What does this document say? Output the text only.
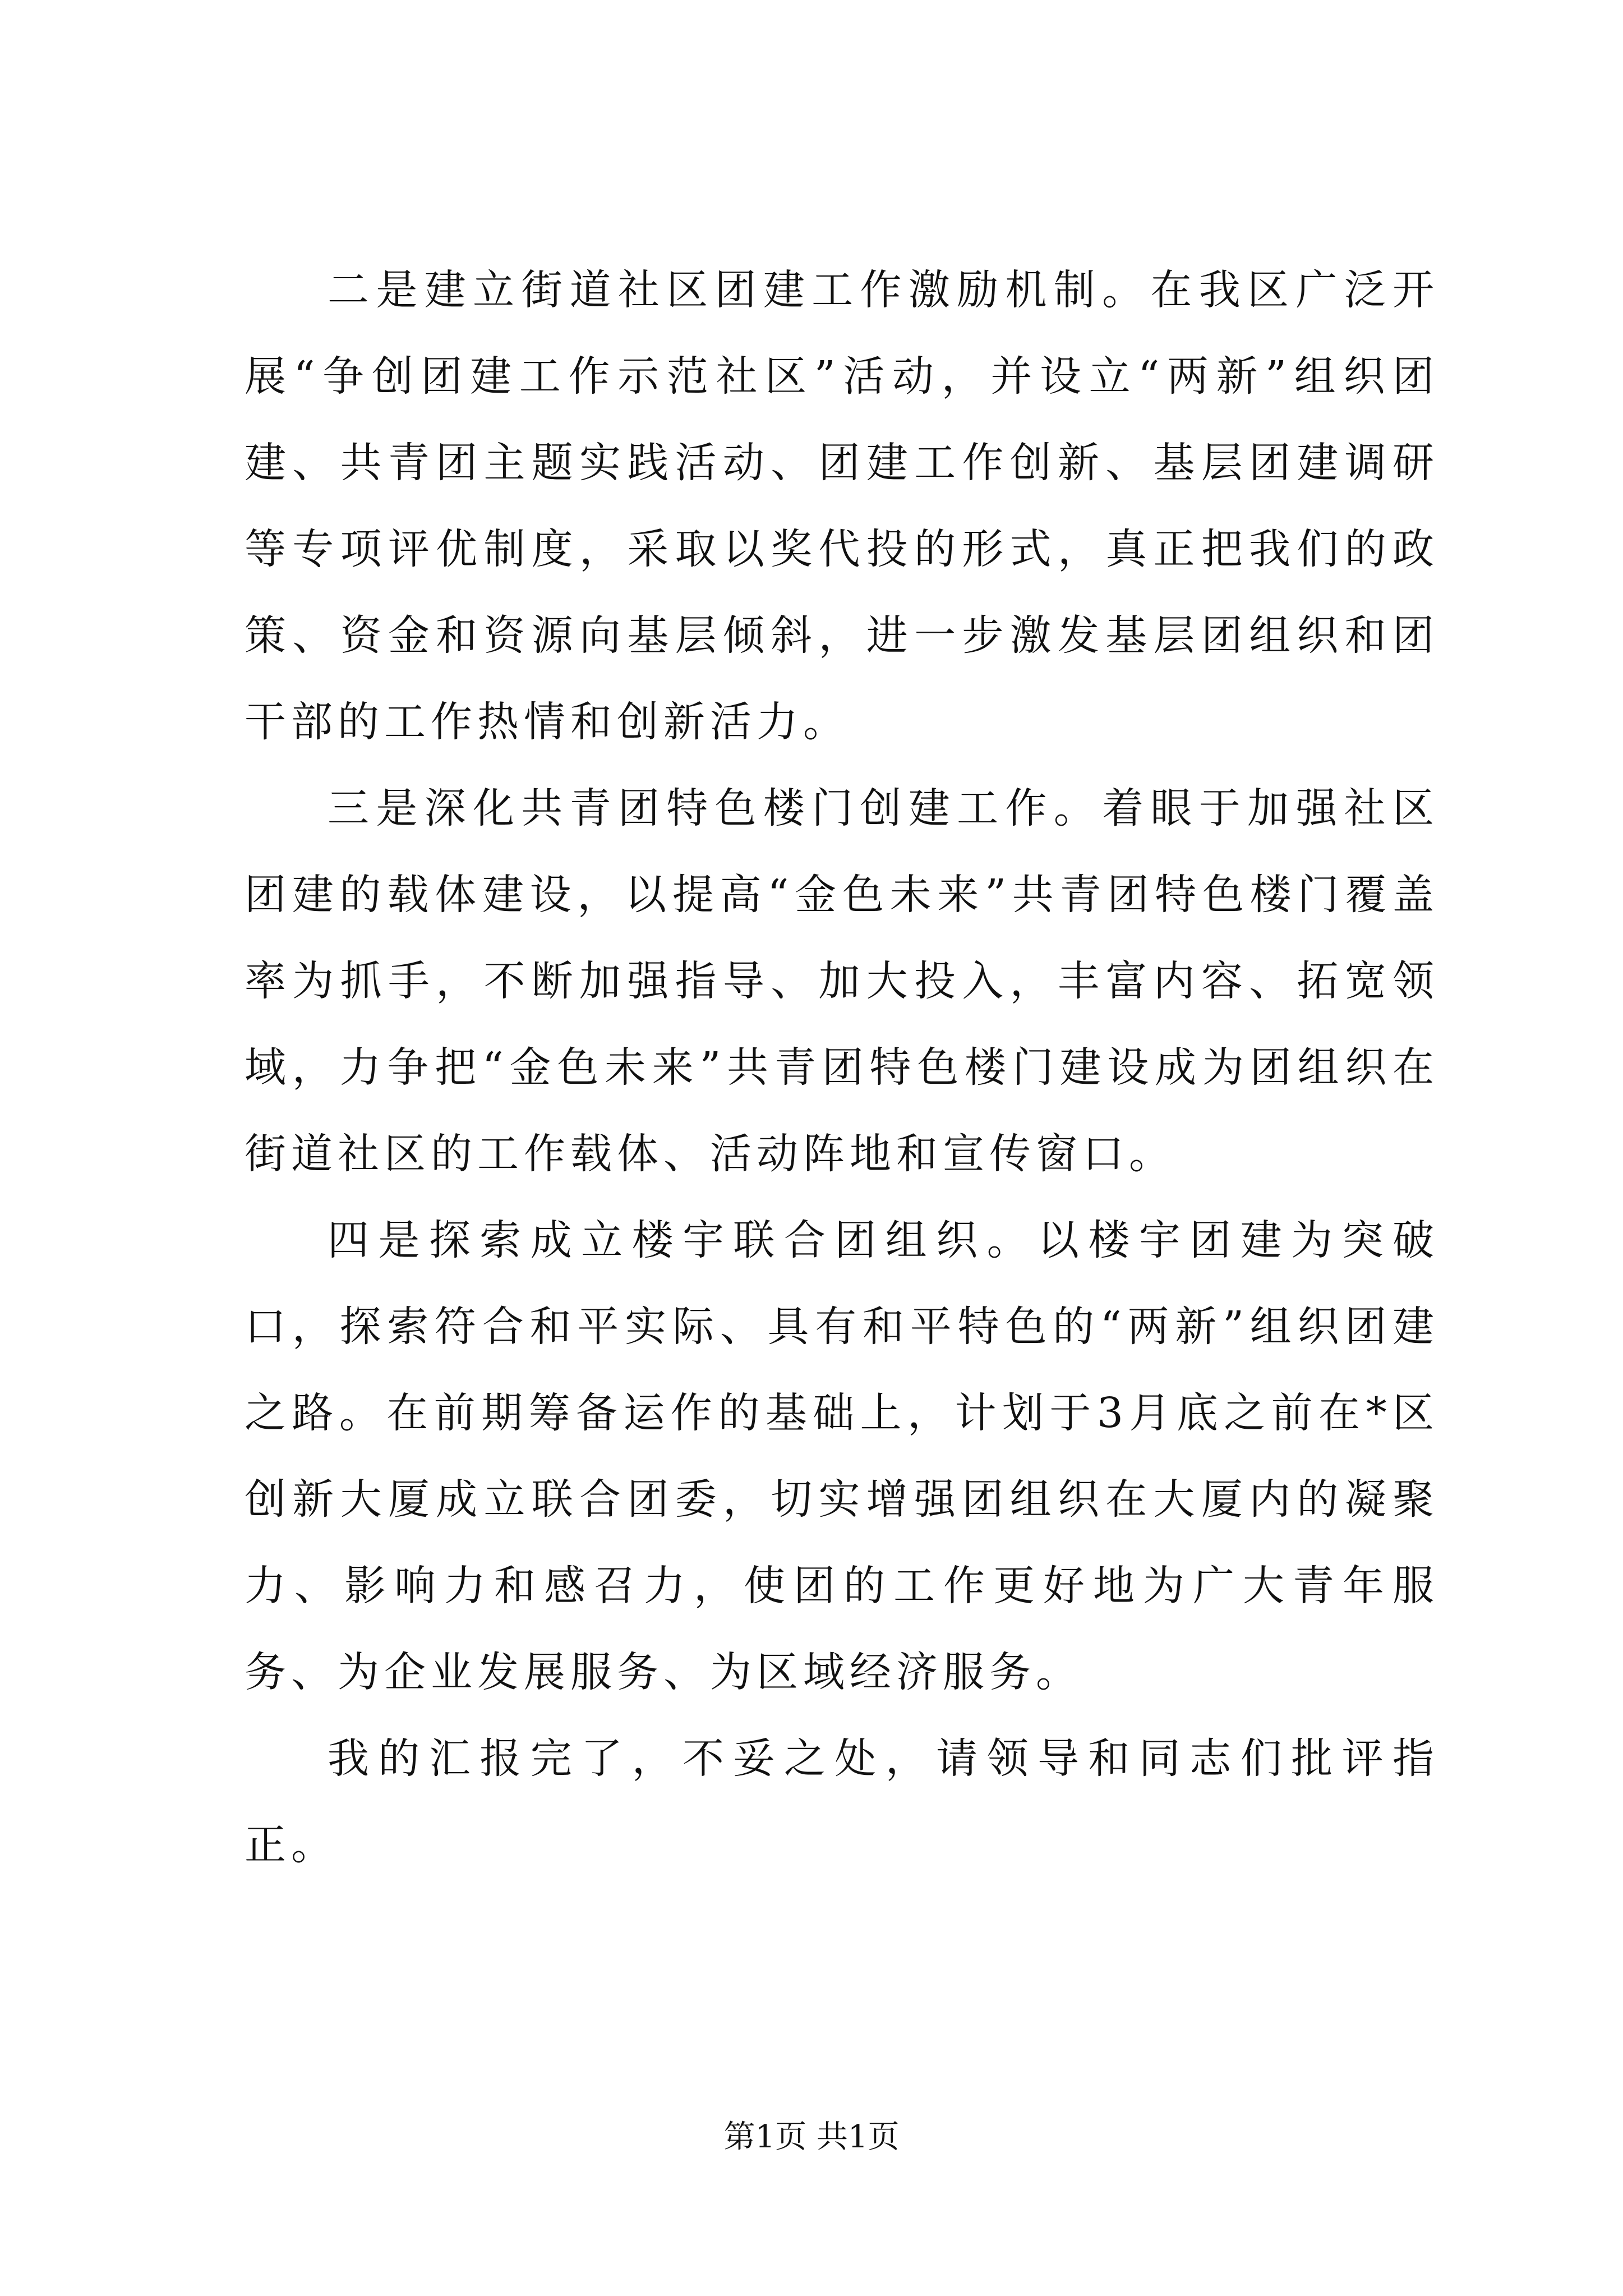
二是建立街道社区团建工作激励机制。在我区广泛开展“争创团建工作示范社区”活动，并设立“两新”组织团建、共青团主题实践活动、团建工作创新、基层团建调研等专项评优制度，采取以奖代投的形式，真正把我们的政策、资金和资源向基层倾斜，进一步激发基层团组织和团干部的工作热情和创新活力。

三是深化共青团特色楼门创建工作。着眼于加强社区团建的载体建设，以提高“金色未来”共青团特色楼门覆盖率为抓手，不断加强指导、加大投入，丰富内容、拓宽领域，力争把“金色未来”共青团特色楼门建设成为团组织在街道社区的工作载体、活动阵地和宣传窗口。

四是探索成立楼宇联合团组织。以楼宇团建为突破口，探索符合和平实际、具有和平特色的“两新”组织团建之路。在前期筹备运作的基础上，计划于3月底之前在*区创新大厦成立联合团委，切实增强团组织在大厦内的凝聚力、影响力和感召力，使团的工作更好地为广大青年服务、为企业发展服务、为区域经济服务。

我的汇报完了，不妥之处，请领导和同志们批评指正。

第1页 共1页
